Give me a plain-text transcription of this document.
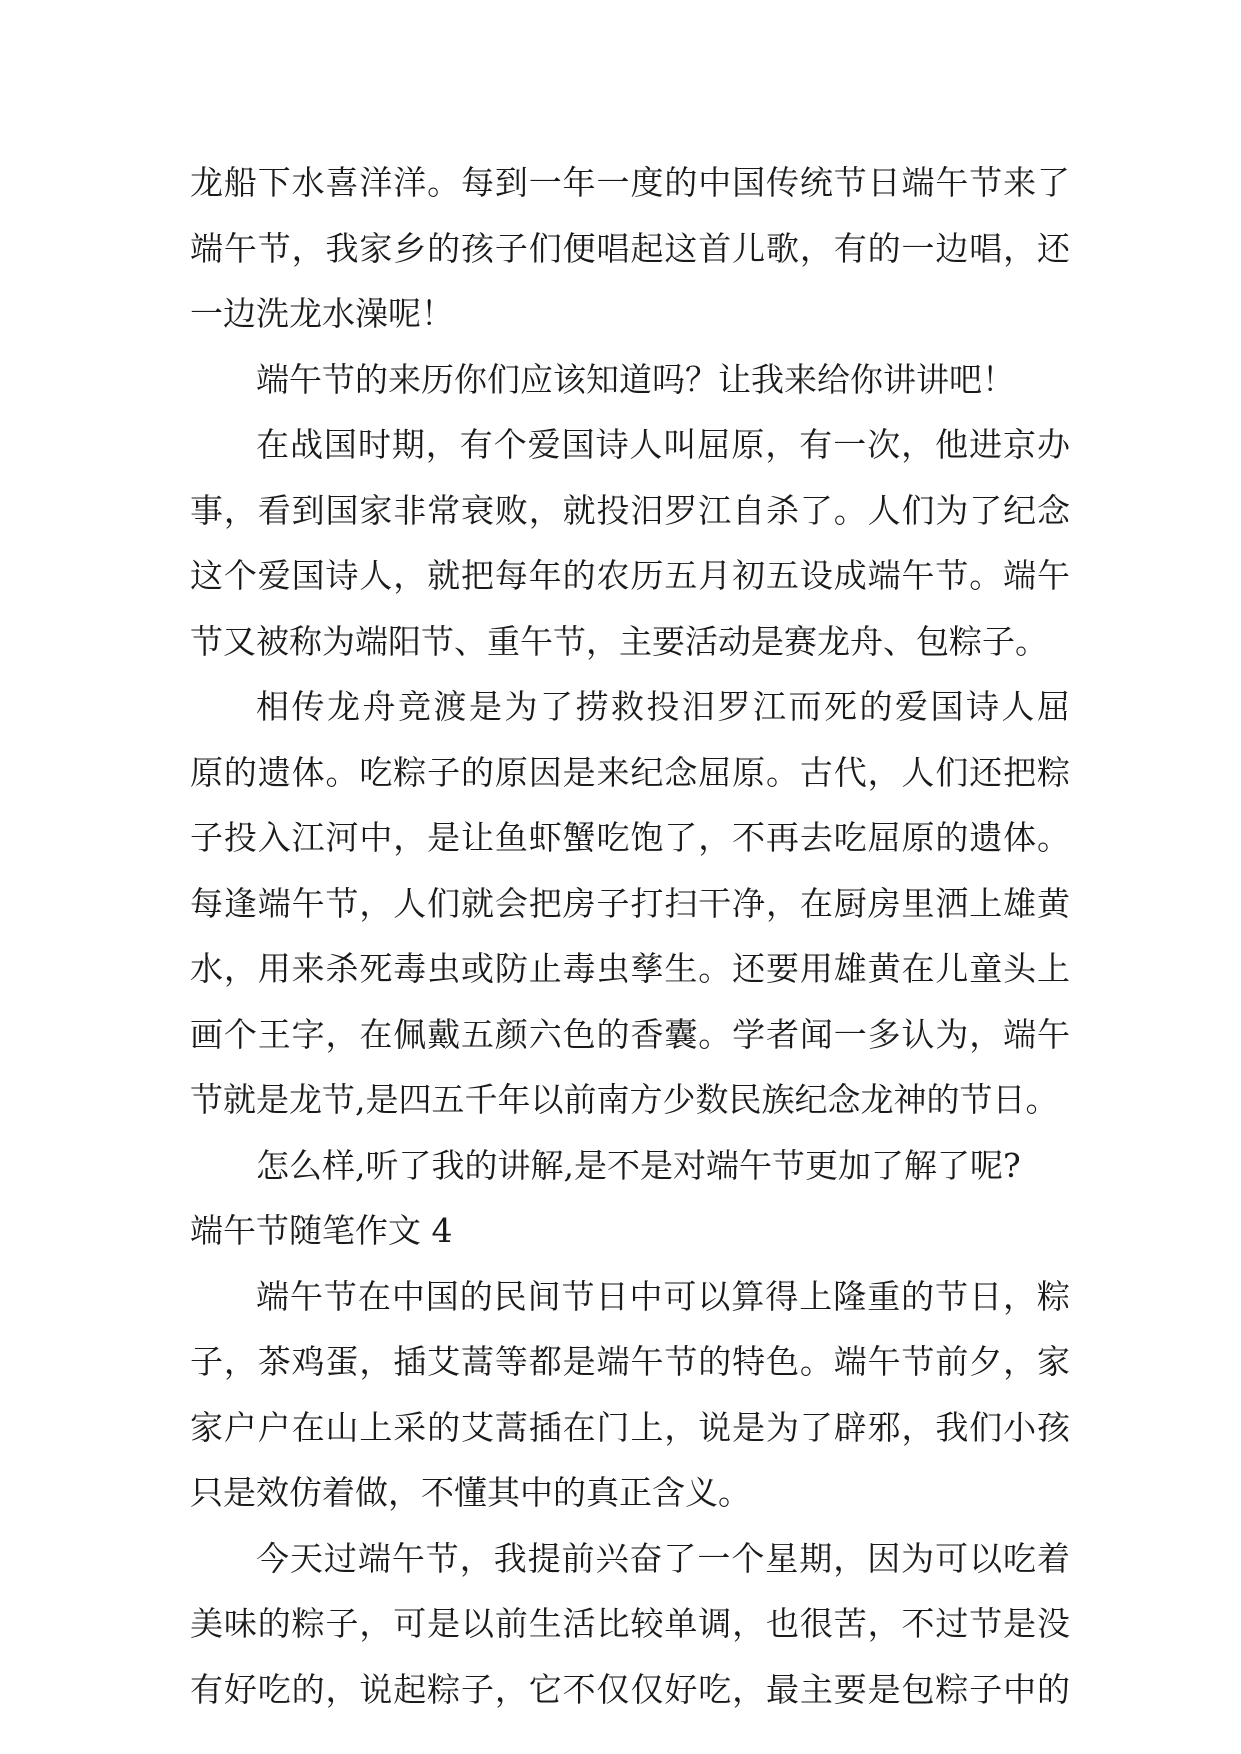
龙船下水喜洋洋。每到一年一度的中国传统节日端午节来了
端午节，我家乡的孩子们便唱起这首儿歌，有的一边唱，还
一边洗龙水澡呢！
端午节的来历你们应该知道吗？让我来给你讲讲吧！
在战国时期，有个爱国诗人叫屈原，有一次，他进京办
事，看到国家非常衰败，就投汨罗江自杀了。人们为了纪念
这个爱国诗人，就把每年的农历五月初五设成端午节。端午
节又被称为端阳节、重午节，主要活动是赛龙舟、包粽子。
相传龙舟竞渡是为了捞救投汨罗江而死的爱国诗人屈
原的遗体。吃粽子的原因是来纪念屈原。古代，人们还把粽
子投入江河中，是让鱼虾蟹吃饱了，不再去吃屈原的遗体。
每逢端午节，人们就会把房子打扫干净，在厨房里洒上雄黄
水，用来杀死毒虫或防止毒虫孳生。还要用雄黄在儿童头上
画个王字，在佩戴五颜六色的香囊。学者闻一多认为，端午
节就是龙节,是四五千年以前南方少数民族纪念龙神的节日。
怎么样,听了我的讲解,是不是对端午节更加了解了呢?
端午节随笔作文 4
端午节在中国的民间节日中可以算得上隆重的节日，粽
子，茶鸡蛋，插艾蒿等都是端午节的特色。端午节前夕，家
家户户在山上采的艾蒿插在门上，说是为了辟邪，我们小孩
只是效仿着做，不懂其中的真正含义。
今天过端午节，我提前兴奋了一个星期，因为可以吃着
美味的粽子，可是以前生活比较单调，也很苦，不过节是没
有好吃的，说起粽子，它不仅仅好吃，最主要是包粽子中的
